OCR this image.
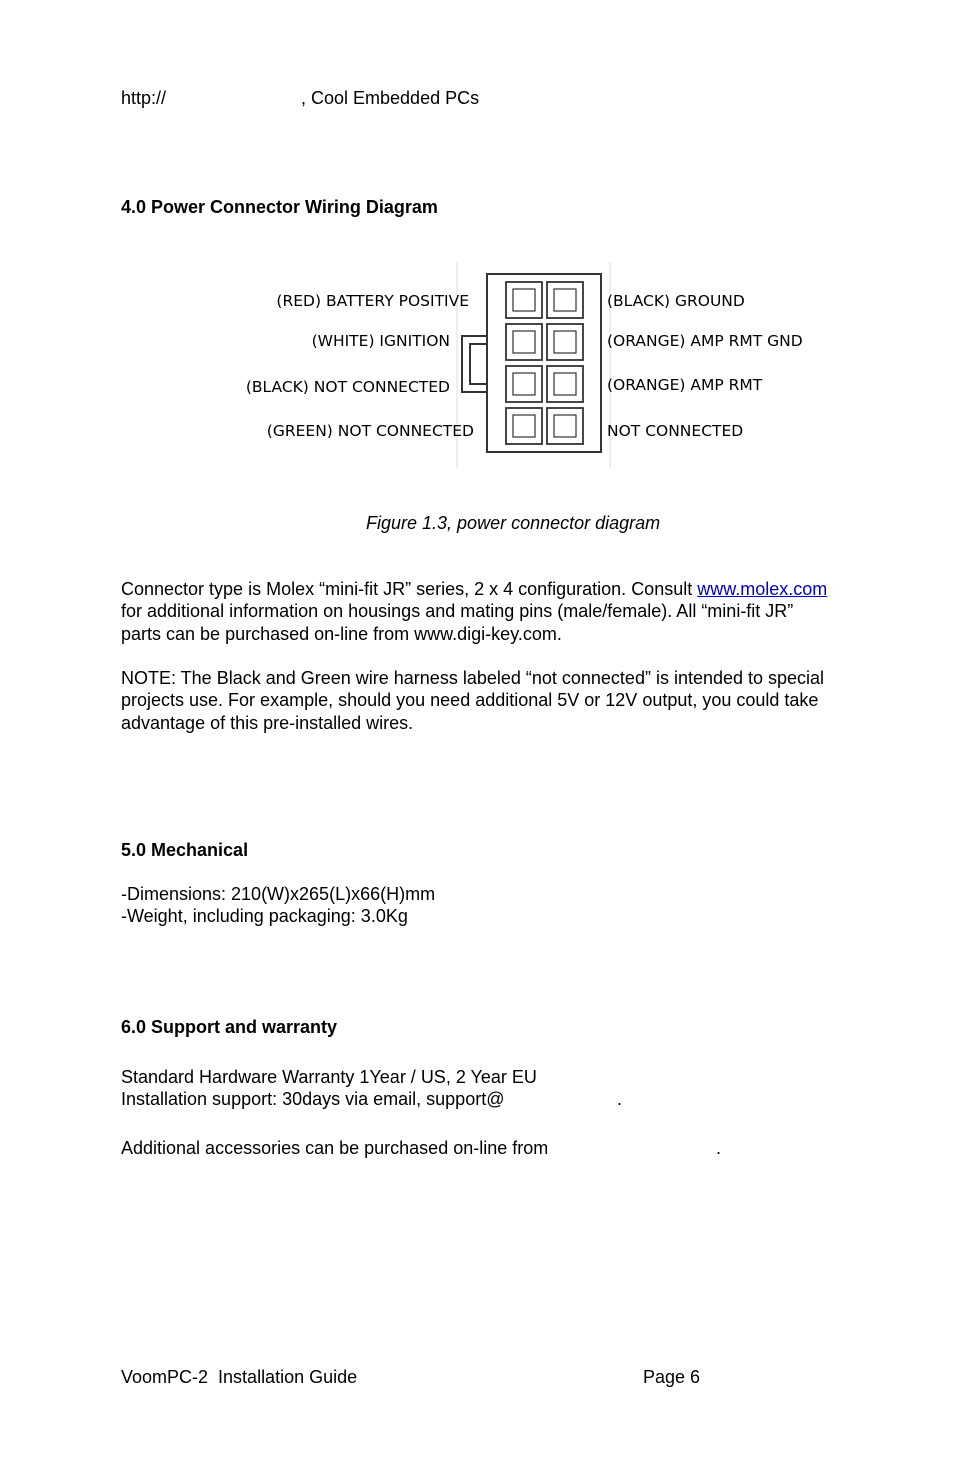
http://	, Cool Embedded PCs

4.0 Power Connector Wiring Diagram

(RED) BATTERY POSITIVE
(WHITE) IGNITION
(BLACK) NOT CONNECTED
(GREEN) NOT CONNECTED
(BLACK) GROUND
(ORANGE) AMP RMT GND
(ORANGE) AMP RMT
NOT CONNECTED

Figure 1.3, power connector diagram

Connector type is Molex “mini-fit JR” series, 2 x 4 configuration. Consult www.molex.com
for additional information on housings and mating pins (male/female). All “mini-fit JR”
parts can be purchased on-line from www.digi-key.com.
NOTE: The Black and Green wire harness labeled “not connected” is intended to special
projects use. For example, should you need additional 5V or 12V output, you could take
advantage of this pre-installed wires.

5.0 Mechanical

-Dimensions: 210(W)x265(L)x66(H)mm

-Weight, including packaging: 3.0Kg

6.0 Support and warranty

Standard Hardware Warranty 1Year / US, 2 Year EU

Installation support: 30days via email, support@	.

Additional accessories can be purchased on-line from	.

VoomPC-2  Installation Guide	Page 6
